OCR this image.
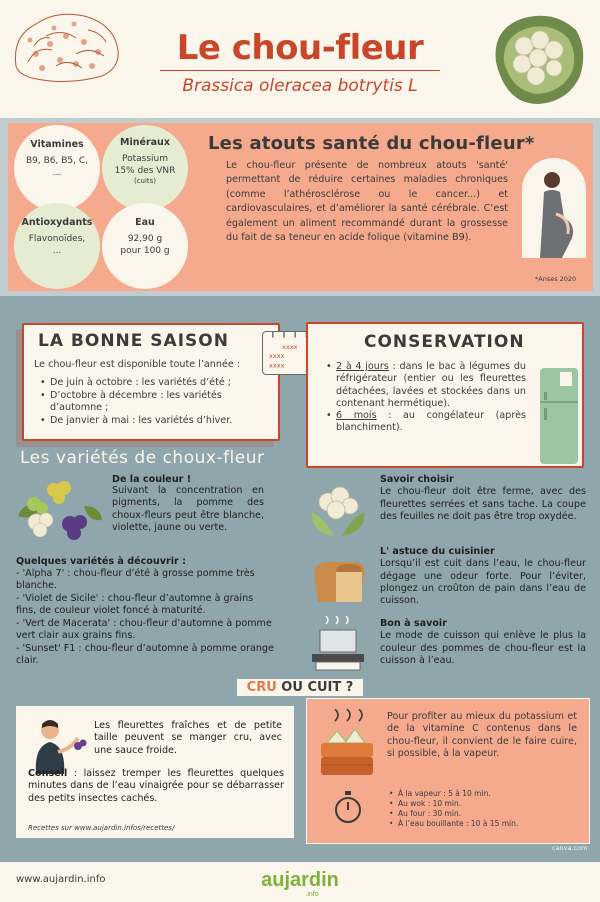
Le chou-fleur
Brassica oleracea botrytis L
Vitamines
B9, B6, B5, C,
...
Minéraux
Potassium
15% des VNR
(cuits)
Antioxydants
Flavonoïdes,
...
Eau
92,90 g
pour 100 g
Les atouts santé du chou-fleur*
Le chou-fleur présente de nombreux atouts 'santé' permettant de réduire certaines maladies chroniques (comme l’athérosclérose ou le cancer...) et cardiovasculaires, et d’améliorer la santé cérébrale. C’est également un aliment recommandé durant la grossesse du fait de sa teneur en acide folique (vitamine B9).
*Anses 2020
LA BONNE SAISON
Le chou-fleur est disponible toute l’année :
• De juin à octobre : les variétés d’été ;
• D’octobre à décembre : les variétés d’automne ;
• De janvier à mai : les variétés d’hiver.
xxxx
xxxx
xxxx
CONSERVATION
• 2 à 4 jours : dans le bac à légumes du réfrigérateur (entier ou les fleurettes détachées, lavées et stockées dans un contenant hermétique).
• 6 mois : au congélateur (après blanchiment).
Les variétés de choux-fleur
De la couleur !
Suivant la concentration en pigments, la pomme des choux-fleurs peut être blanche, violette, jaune ou verte.
Quelques variétés à découvrir :
- 'Alpha 7' : chou-fleur d’été à grosse pomme très blanche.
- 'Violet de Sicile' : chou-fleur d’automne à grains fins, de couleur violet foncé à maturité.
- 'Vert de Macerata' : chou-fleur d’automne à pomme vert clair aux grains fins.
- 'Sunset' F1 : chou-fleur d’automne à pomme orange clair.
Savoir choisir

Le chou-fleur doit être ferme, avec des fleurettes serrées et sans tache. La coupe des feuilles ne doit pas être trop oxydée.

L' astuce du cuisinier

Lorsqu’il est cuit dans l’eau, le chou-fleur dégage une odeur forte. Pour l’éviter, plongez un croûton de pain dans l’eau de cuisson.

Bon à savoir

Le mode de cuisson qui enlève le plus la couleur des pommes de chou-fleur est la cuisson à l’eau.

CRU OU CUIT ?
Les fleurettes fraîches et de petite taille peuvent se manger cru, avec une sauce froide.
Conseil : laissez tremper les fleurettes quelques minutes dans de l’eau vinaigrée pour se débarrasser des petits insectes cachés.
Recettes sur www.aujardin.infos/recettes/
Pour profiter au mieux du potassium et de la vitamine C contenus dans le chou-fleur, il convient de le faire cuire, si possible, à la vapeur.
• À la vapeur : 5 à 10 min.
• Au wok : 10 min.
• Au four : 30 min.
• À l’eau bouillante : 10 à 15 min.
canva.com
www.aujardin.info	aujardin
.info
